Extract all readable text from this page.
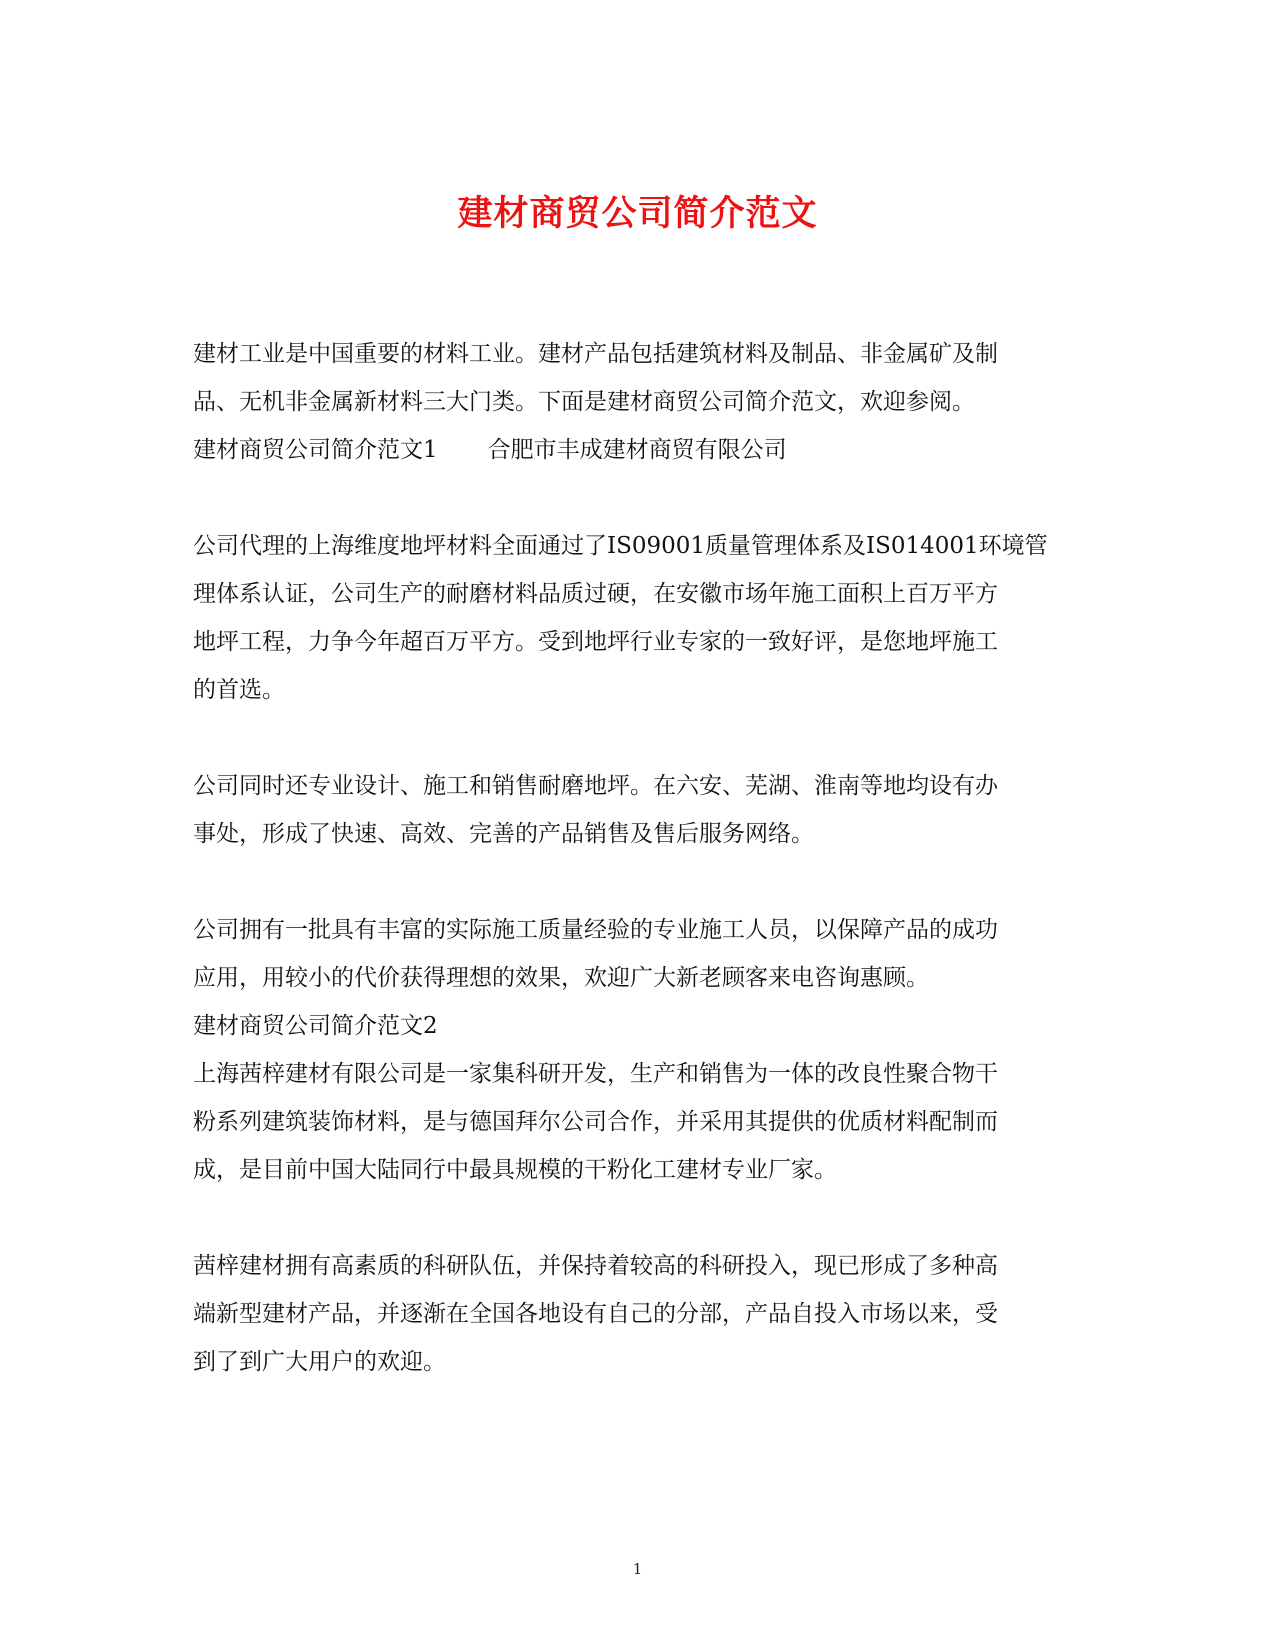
建材商贸公司简介范文

建材工业是中国重要的材料工业。建材产品包括建筑材料及制品、非金属矿及制

品、无机非金属新材料三大门类。下面是建材商贸公司简介范文，欢迎参阅。

建材商贸公司简介范文1 合肥市丰成建材商贸有限公司

公司代理的上海维度地坪材料全面通过了IS09001质量管理体系及IS014001环境管

理体系认证，公司生产的耐磨材料品质过硬，在安徽市场年施工面积上百万平方

地坪工程，力争今年超百万平方。受到地坪行业专家的一致好评，是您地坪施工

的首选。

公司同时还专业设计、施工和销售耐磨地坪。在六安、芜湖、淮南等地均设有办

事处，形成了快速、高效、完善的产品销售及售后服务网络。

公司拥有一批具有丰富的实际施工质量经验的专业施工人员，以保障产品的成功

应用，用较小的代价获得理想的效果，欢迎广大新老顾客来电咨询惠顾。

建材商贸公司简介范文2

上海茜梓建材有限公司是一家集科研开发，生产和销售为一体的改良性聚合物干

粉系列建筑装饰材料，是与德国拜尔公司合作，并采用其提供的优质材料配制而

成，是目前中国大陆同行中最具规模的干粉化工建材专业厂家。

茜梓建材拥有高素质的科研队伍，并保持着较高的科研投入，现已形成了多种高

端新型建材产品，并逐渐在全国各地设有自己的分部，产品自投入市场以来，受

到了到广大用户的欢迎。

1
